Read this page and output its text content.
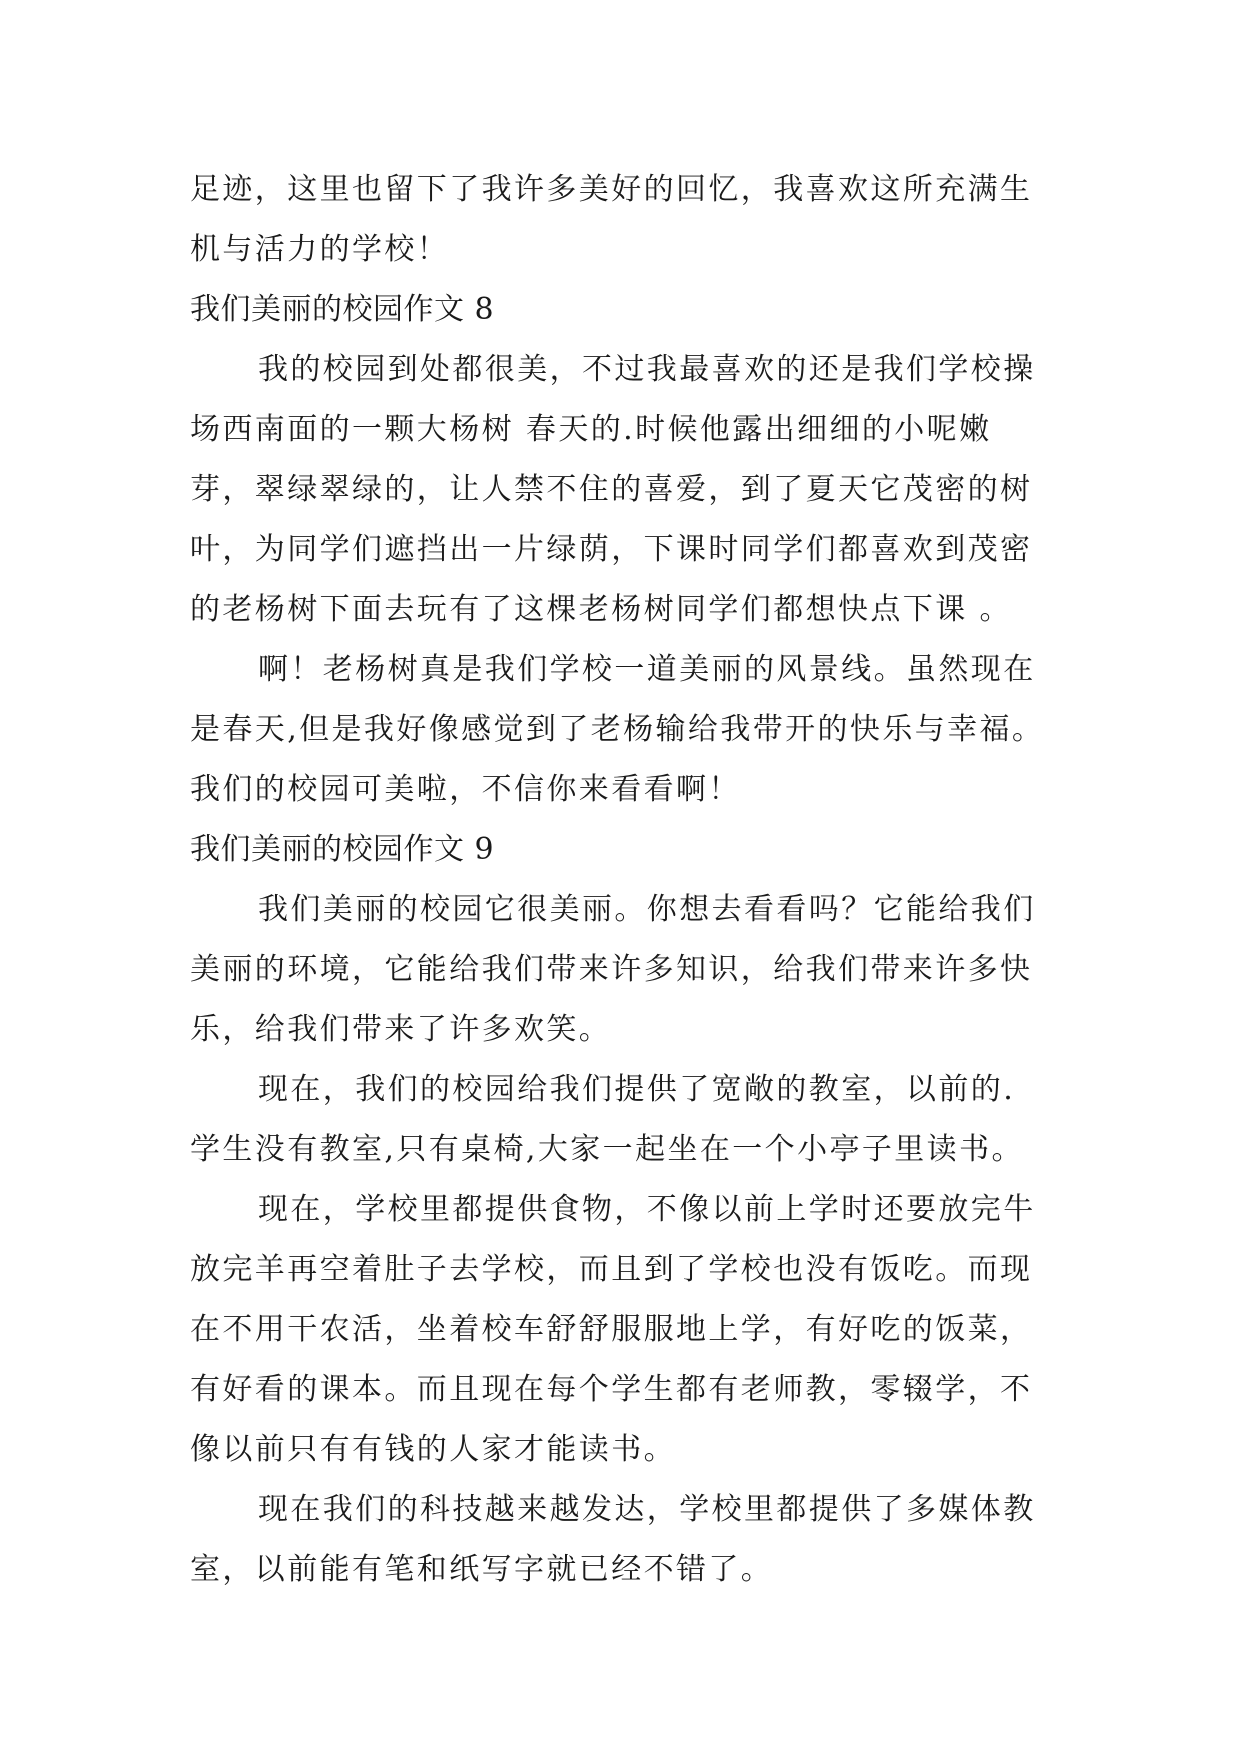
足迹，这里也留下了我许多美好的回忆，我喜欢这所充满生

机与活力的学校！

我们美丽的校园作文 8

我的校园到处都很美，不过我最喜欢的还是我们学校操

场西南面的一颗大杨树 春天的.时候他露出细细的小呢嫩

芽，翠绿翠绿的，让人禁不住的喜爱，到了夏天它茂密的树

叶，为同学们遮挡出一片绿荫，下课时同学们都喜欢到茂密

的老杨树下面去玩有了这棵老杨树同学们都想快点下课 。

啊！老杨树真是我们学校一道美丽的风景线。虽然现在

是春天,但是我好像感觉到了老杨输给我带开的快乐与幸福。

我们的校园可美啦，不信你来看看啊！

我们美丽的校园作文 9

我们美丽的校园它很美丽。你想去看看吗？它能给我们

美丽的环境，它能给我们带来许多知识，给我们带来许多快

乐，给我们带来了许多欢笑。

现在，我们的校园给我们提供了宽敞的教室，以前的.

学生没有教室,只有桌椅,大家一起坐在一个小亭子里读书。

现在，学校里都提供食物，不像以前上学时还要放完牛

放完羊再空着肚子去学校，而且到了学校也没有饭吃。而现

在不用干农活，坐着校车舒舒服服地上学，有好吃的饭菜，

有好看的课本。而且现在每个学生都有老师教，零辍学，不

像以前只有有钱的人家才能读书。

现在我们的科技越来越发达，学校里都提供了多媒体教

室，以前能有笔和纸写字就已经不错了。
